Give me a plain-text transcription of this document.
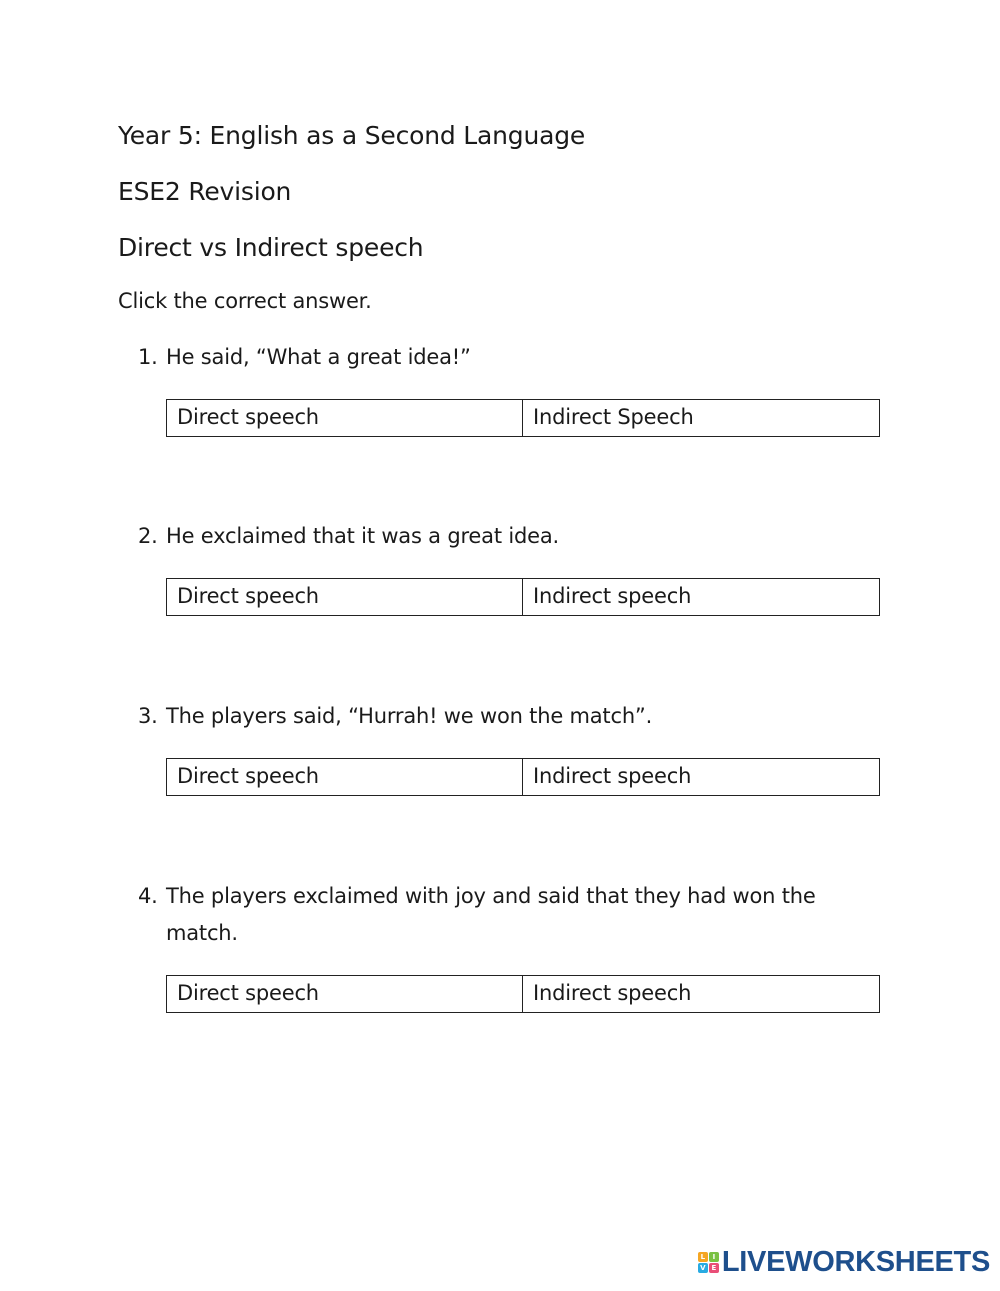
Year 5: English as a Second Language
ESE2 Revision
Direct vs Indirect speech
Click the correct answer.
1. He said, “What a great idea!”
Direct speech	Indirect Speech
2. He exclaimed that it was a great idea.
Direct speech	Indirect speech
3. The players said, “Hurrah! we won the match”.
Direct speech	Indirect speech
4. The players exclaimed with joy and said that they had won the match.
Direct speech	Indirect speech
L	I
V E LIVEWORKSHEETS
